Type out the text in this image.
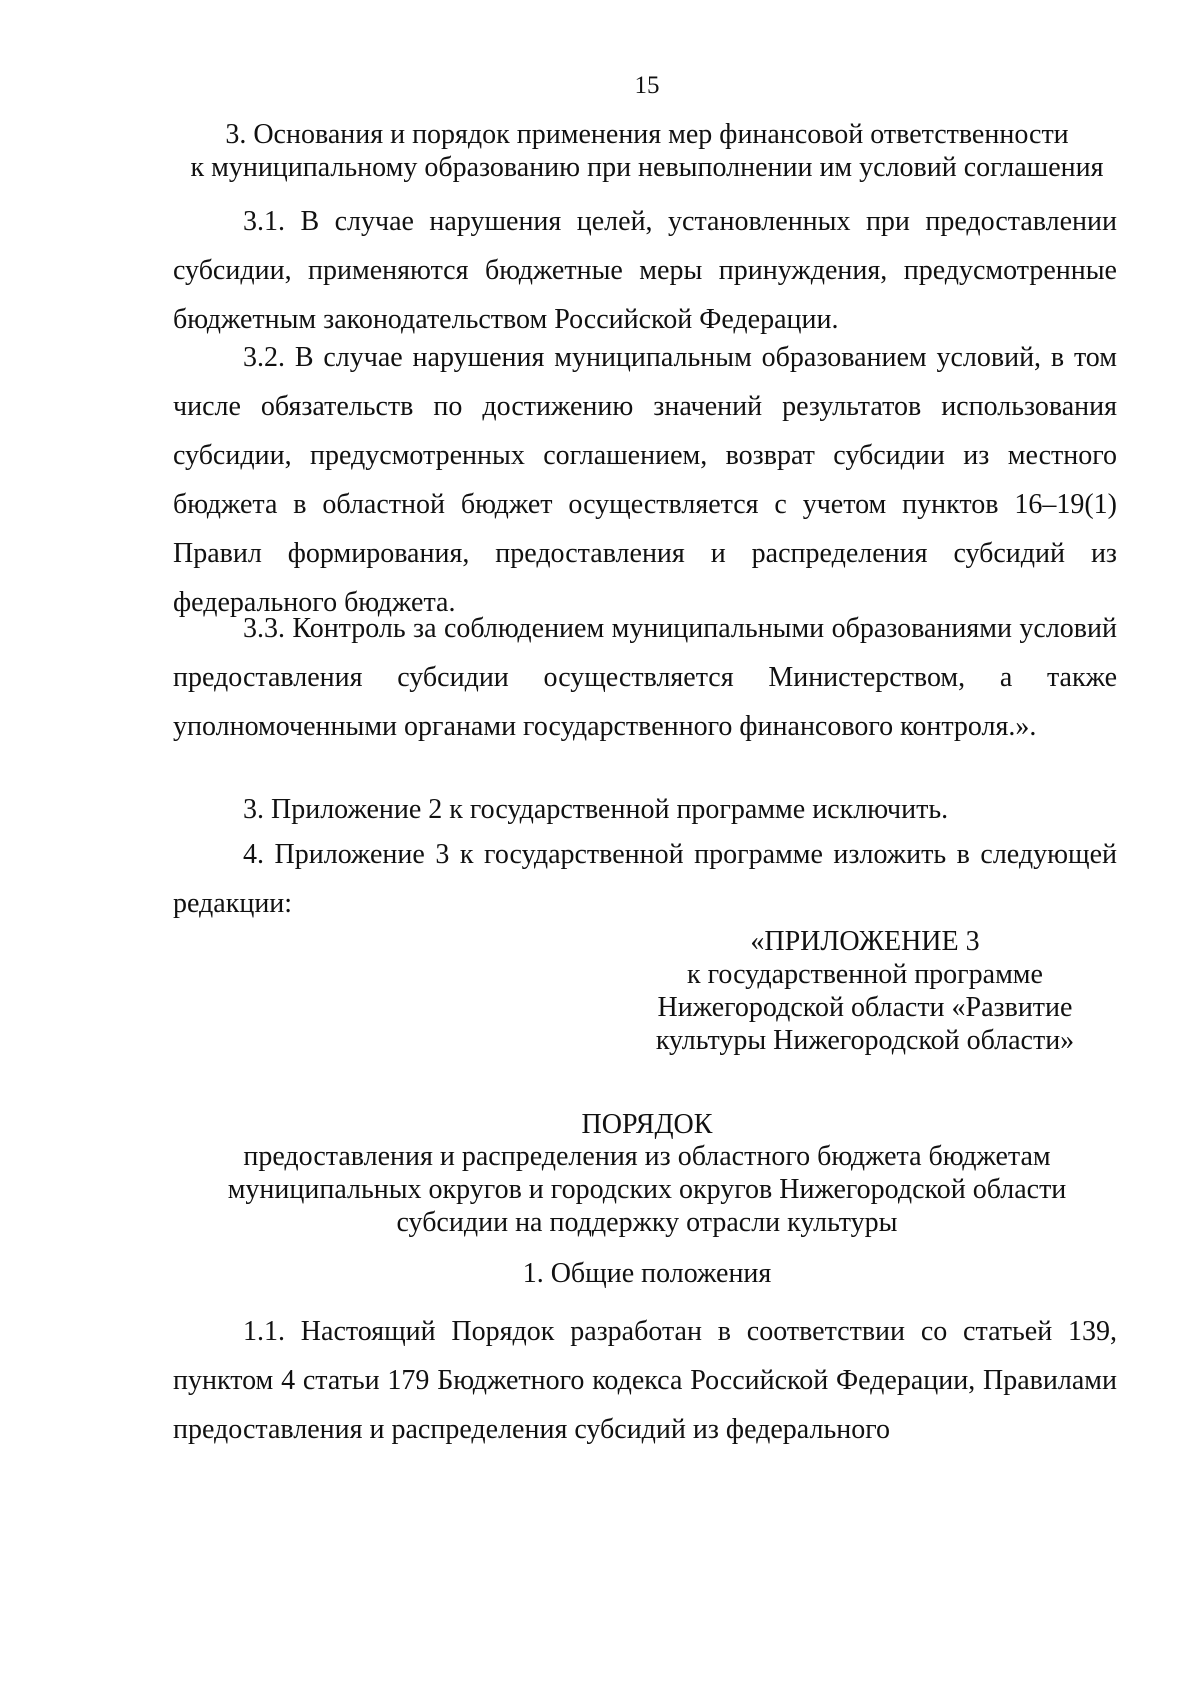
15
3. Основания и порядок применения мер финансовой ответственности
к муниципальному образованию при невыполнении им условий соглашения
3.1. В случае нарушения целей, установленных при предоставлении субсидии, применяются бюджетные меры принуждения, предусмотренные бюджетным законодательством Российской Федерации.
3.2. В случае нарушения муниципальным образованием условий, в том числе обязательств по достижению значений результатов использования субсидии, предусмотренных соглашением, возврат субсидии из местного бюджета в областной бюджет осуществляется с учетом пунктов 16–19(1) Правил формирования, предоставления и распределения субсидий из федерального бюджета.
3.3. Контроль за соблюдением муниципальными образованиями условий предоставления субсидии осуществляется Министерством, а также уполномоченными органами государственного финансового контроля.».
3. Приложение 2 к государственной программе исключить.
4. Приложение 3 к государственной программе изложить в следующей редакции:
«ПРИЛОЖЕНИЕ 3
к государственной программе
Нижегородской области «Развитие
культуры Нижегородской области»
ПОРЯДОК
предоставления и распределения из областного бюджета бюджетам
муниципальных округов и городских округов Нижегородской области
субсидии на поддержку отрасли культуры
1. Общие положения
1.1. Настоящий Порядок разработан в соответствии со статьей 139, пунктом 4 статьи 179 Бюджетного кодекса Российской Федерации, Правилами предоставления и распределения субсидий из федерального
